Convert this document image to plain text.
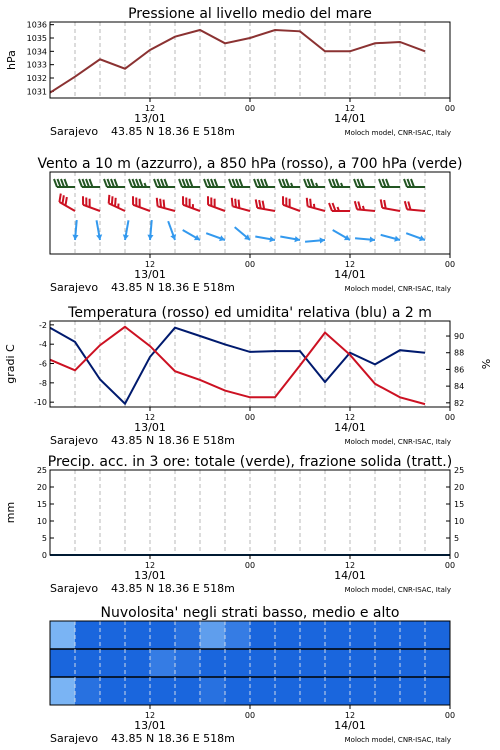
Pressione al livello medio del mare
1031
1032
1033
1034
1035
1036
12	00	12	00
13/01	14/01
Sarajevo 43.85 N 18.36 E 518m	Moloch model, CNR-ISAC, Italy
hPa
Vento a 10 m (azzurro), a 850 hPa (rosso), a 700 hPa (verde)
12	00	12	00
13/01	14/01
Sarajevo 43.85 N 18.36 E 518m	Moloch model, CNR-ISAC, Italy
Temperatura (rosso) ed umidita' relativa (blu) a 2 m
-10
-8
-6
-4
-2
82
84
86
88
90
12	00	12	00
13/01	14/01
Sarajevo 43.85 N 18.36 E 518m	Moloch model, CNR-ISAC, Italy
gradi C	%
Precip. acc. in 3 ore: totale (verde), frazione solida (tratt.)
0
5
10
15
20
25
0
5
10
15
20
25
12	00	12	00
13/01	14/01
Sarajevo 43.85 N 18.36 E 518m	Moloch model, CNR-ISAC, Italy
mm
Nuvolosita' negli strati basso, medio e alto
12	00	12	00
13/01	14/01
Sarajevo 43.85 N 18.36 E 518m	Moloch model, CNR-ISAC, Italy
